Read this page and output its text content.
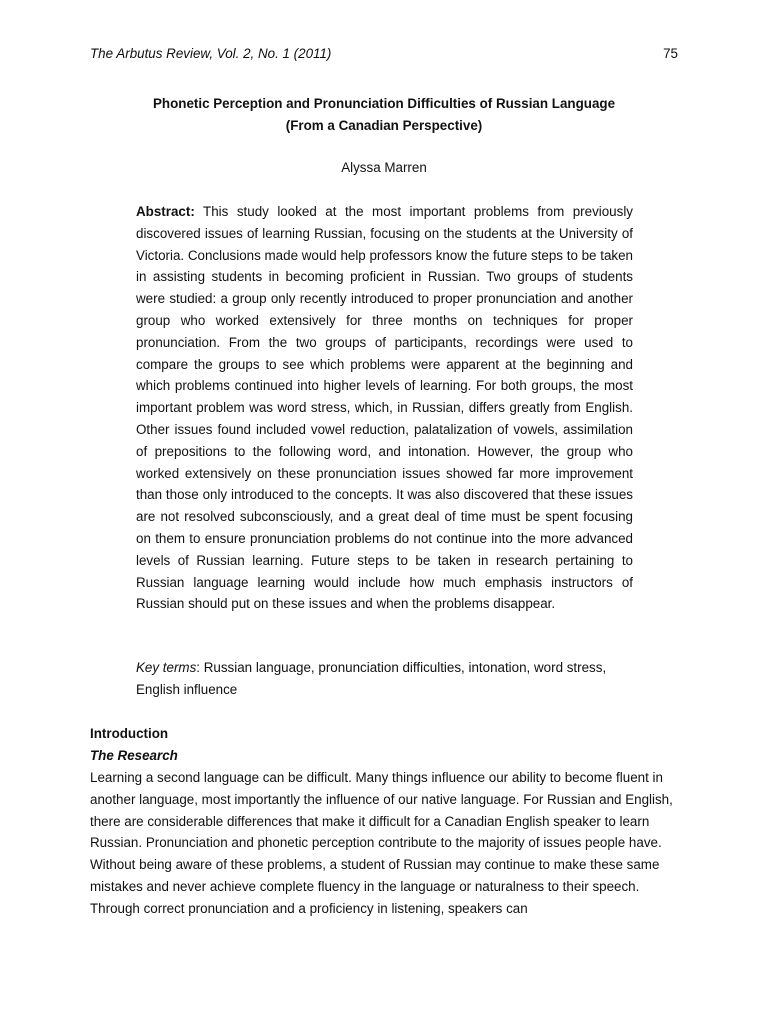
The Arbutus Review, Vol. 2, No. 1 (2011)	75
Phonetic Perception and Pronunciation Difficulties of Russian Language
(From a Canadian Perspective)
Alyssa Marren

Abstract: This study looked at the most important problems from previously discovered issues of learning Russian, focusing on the students at the University of Victoria. Conclusions made would help professors know the future steps to be taken in assisting students in becoming proficient in Russian. Two groups of students were studied: a group only recently introduced to proper pronunciation and another group who worked extensively for three months on techniques for proper pronunciation. From the two groups of participants, recordings were used to compare the groups to see which problems were apparent at the beginning and which problems continued into higher levels of learning. For both groups, the most important problem was word stress, which, in Russian, differs greatly from English. Other issues found included vowel reduction, palatalization of vowels, assimilation of prepositions to the following word, and intonation. However, the group who worked extensively on these pronunciation issues showed far more improvement than those only introduced to the concepts. It was also discovered that these issues are not resolved subconsciously, and a great deal of time must be spent focusing on them to ensure pronunciation problems do not continue into the more advanced levels of Russian learning. Future steps to be taken in research pertaining to Russian language learning would include how much emphasis instructors of Russian should put on these issues and when the problems disappear.

Key terms: Russian language, pronunciation difficulties, intonation, word stress, English influence

Introduction
The Research

Learning a second language can be difficult. Many things influence our ability to become fluent in another language, most importantly the influence of our native language. For Russian and English, there are considerable differences that make it difficult for a Canadian English speaker to learn Russian. Pronunciation and phonetic perception contribute to the majority of issues people have. Without being aware of these problems, a student of Russian may continue to make these same mistakes and never achieve complete fluency in the language or naturalness to their speech. Through correct pronunciation and a proficiency in listening, speakers can
